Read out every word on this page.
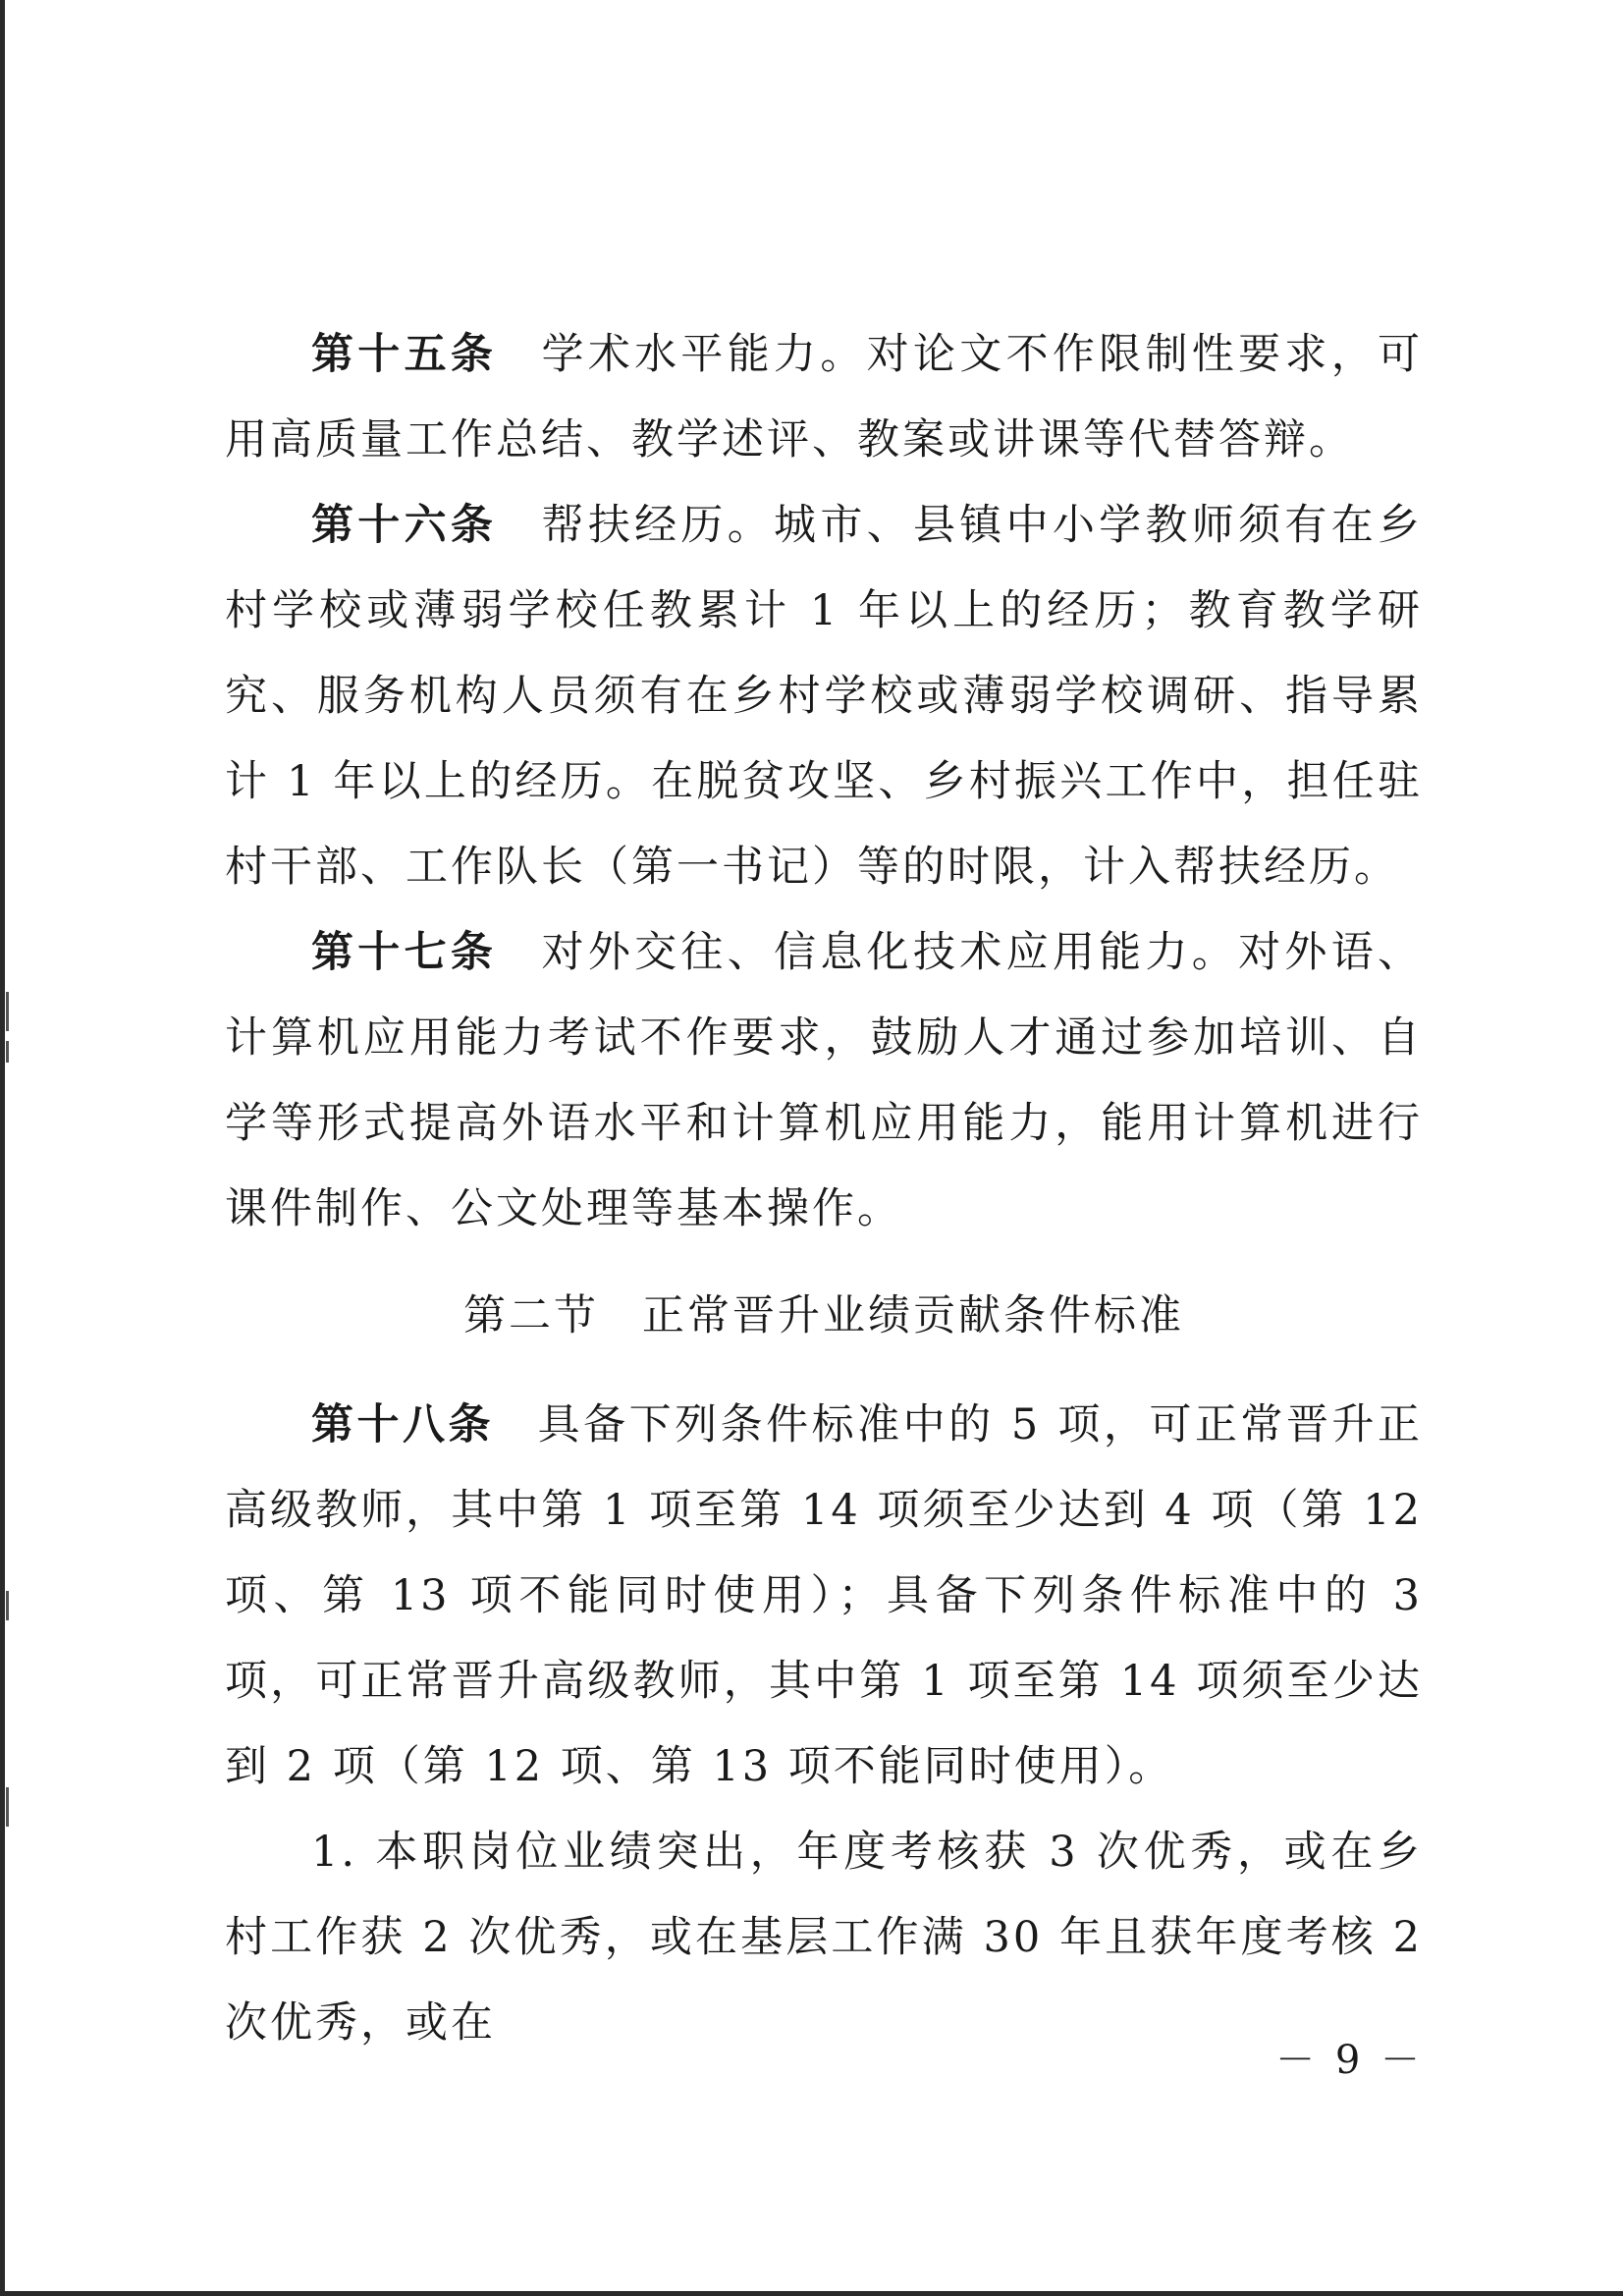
第十五条 学术水平能力。对论文不作限制性要求，可用高质量工作总结、教学述评、教案或讲课等代替答辩。

第十六条 帮扶经历。城市、县镇中小学教师须有在乡村学校或薄弱学校任教累计 1 年以上的经历；教育教学研究、服务机构人员须有在乡村学校或薄弱学校调研、指导累计 1 年以上的经历。在脱贫攻坚、乡村振兴工作中，担任驻村干部、工作队长（第一书记）等的时限，计入帮扶经历。

第十七条 对外交往、信息化技术应用能力。对外语、计算机应用能力考试不作要求，鼓励人才通过参加培训、自学等形式提高外语水平和计算机应用能力，能用计算机进行课件制作、公文处理等基本操作。

第二节 正常晋升业绩贡献条件标准

第十八条 具备下列条件标准中的 5 项，可正常晋升正高级教师，其中第 1 项至第 14 项须至少达到 4 项（第 12 项、第 13 项不能同时使用）；具备下列条件标准中的 3 项，可正常晋升高级教师，其中第 1 项至第 14 项须至少达到 2 项（第 12 项、第 13 项不能同时使用）。

1. 本职岗位业绩突出，年度考核获 3 次优秀，或在乡村工作获 2 次优秀，或在基层工作满 30 年且获年度考核 2 次优秀，或在

－ 9 －
